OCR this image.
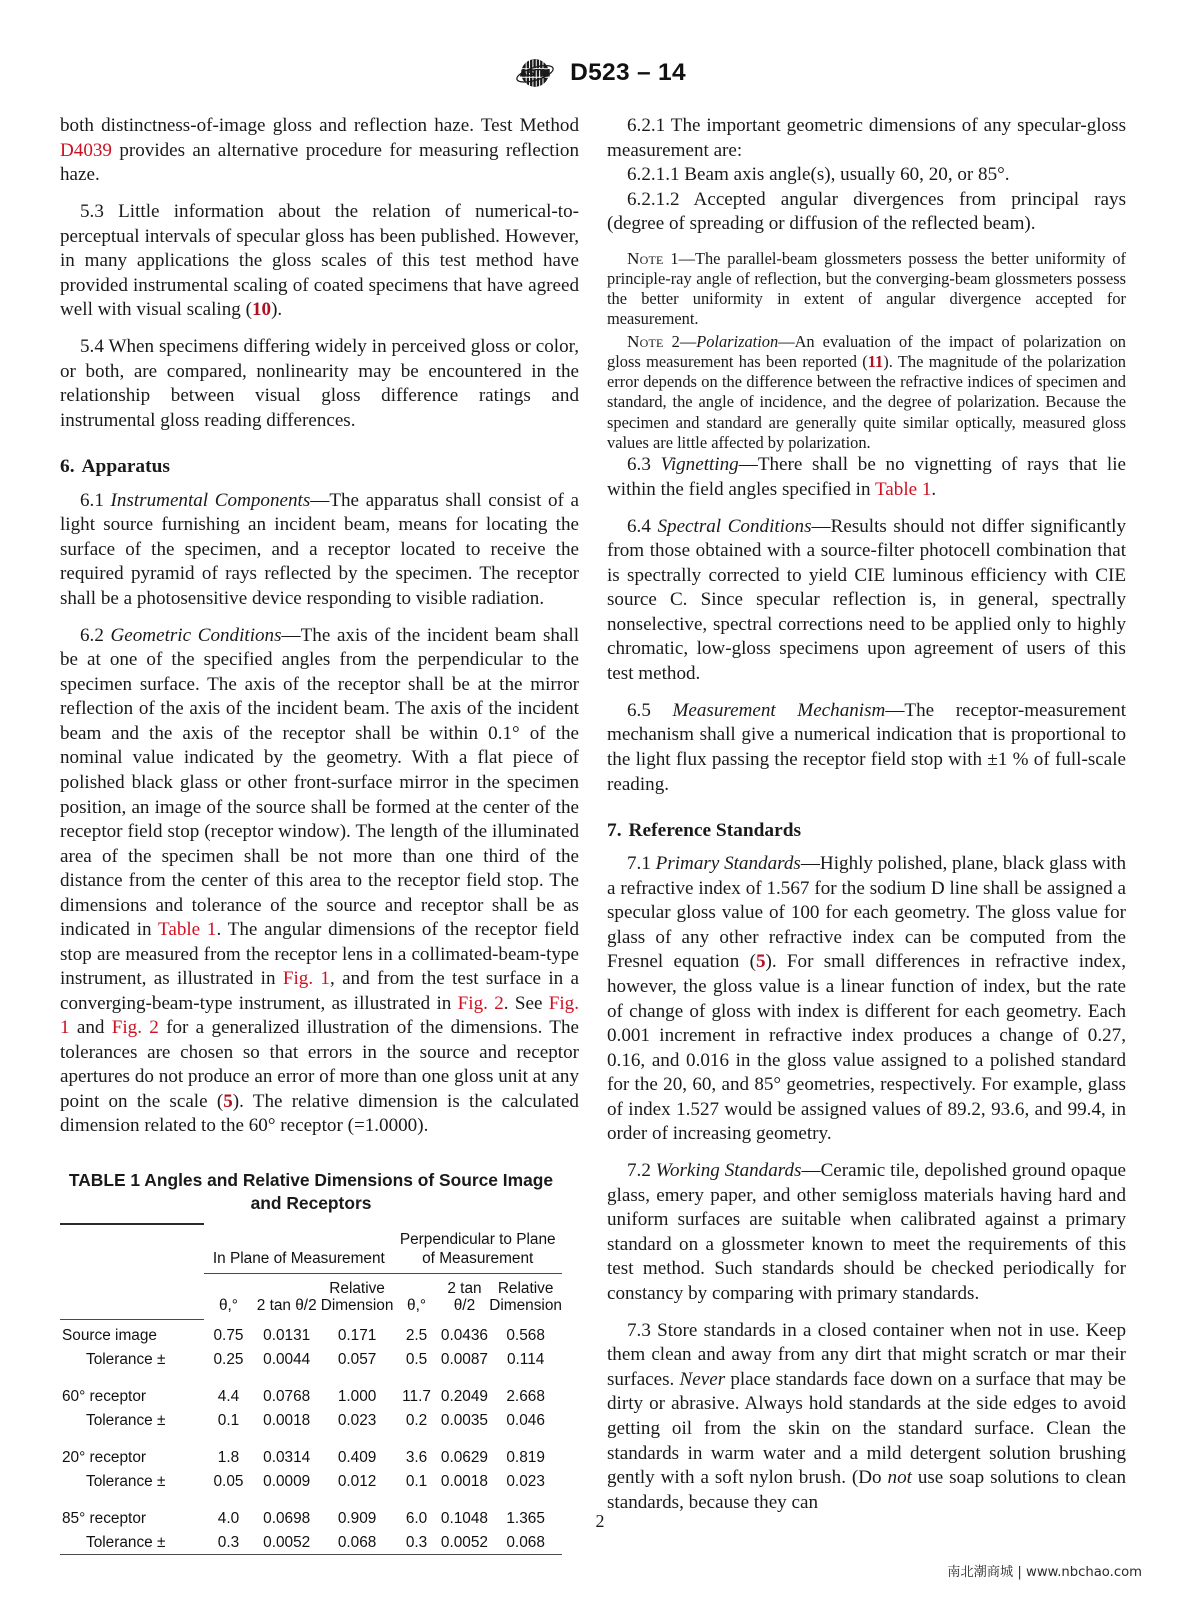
ASTM D523 – 14

both distinctness-of-image gloss and reflection haze. Test Method D4039 provides an alternative procedure for measuring reflection haze.

5.3 Little information about the relation of numerical-to-perceptual intervals of specular gloss has been published. However, in many applications the gloss scales of this test method have provided instrumental scaling of coated specimens that have agreed well with visual scaling (10).

5.4 When specimens differing widely in perceived gloss or color, or both, are compared, nonlinearity may be encountered in the relationship between visual gloss difference ratings and instrumental gloss reading differences.

6. Apparatus

6.1 Instrumental Components—The apparatus shall consist of a light source furnishing an incident beam, means for locating the surface of the specimen, and a receptor located to receive the required pyramid of rays reflected by the specimen. The receptor shall be a photosensitive device responding to visible radiation.

6.2 Geometric Conditions—The axis of the incident beam shall be at one of the specified angles from the perpendicular to the specimen surface. The axis of the receptor shall be at the mirror reflection of the axis of the incident beam. The axis of the incident beam and the axis of the receptor shall be within 0.1° of the nominal value indicated by the geometry. With a flat piece of polished black glass or other front-surface mirror in the specimen position, an image of the source shall be formed at the center of the receptor field stop (receptor window). The length of the illuminated area of the specimen shall be not more than one third of the distance from the center of this area to the receptor field stop. The dimensions and tolerance of the source and receptor shall be as indicated in Table 1. The angular dimensions of the receptor field stop are measured from the receptor lens in a collimated-beam-type instrument, as illustrated in Fig. 1, and from the test surface in a converging-beam-type instrument, as illustrated in Fig. 2. See Fig. 1 and Fig. 2 for a generalized illustration of the dimensions. The tolerances are chosen so that errors in the source and receptor apertures do not produce an error of more than one gloss unit at any point on the scale (5). The relative dimension is the calculated dimension related to the 60° receptor (=1.0000).

TABLE 1 Angles and Relative Dimensions of Source Image and Receptors
	In Plane of Measurement			Perpendicular to Plane of Measurement		

	θ,°	2 tan θ/2	Relative Dimension	θ,°	2 tan θ/2	Relative Dimension
Source image	0.75	0.0131	0.171	2.5	0.0436	0.568
Tolerance ±	0.25	0.0044	0.057	0.5	0.0087	0.114

60° receptor	4.4	0.0768	1.000	11.7	0.2049	2.668
Tolerance ±	0.1	0.0018	0.023	0.2	0.0035	0.046

20° receptor	1.8	0.0314	0.409	3.6	0.0629	0.819
Tolerance ±	0.05	0.0009	0.012	0.1	0.0018	0.023

85° receptor	4.0	0.0698	0.909	6.0	0.1048	1.365
Tolerance ±	0.3	0.0052	0.068	0.3	0.0052	0.068

6.2.1 The important geometric dimensions of any specular-gloss measurement are:

6.2.1.1 Beam axis angle(s), usually 60, 20, or 85°.

6.2.1.2 Accepted angular divergences from principal rays (degree of spreading or diffusion of the reflected beam).

Note 1—The parallel-beam glossmeters possess the better uniformity of principle-ray angle of reflection, but the converging-beam glossmeters possess the better uniformity in extent of angular divergence accepted for measurement.

Note 2—Polarization—An evaluation of the impact of polarization on gloss measurement has been reported (11). The magnitude of the polarization error depends on the difference between the refractive indices of specimen and standard, the angle of incidence, and the degree of polarization. Because the specimen and standard are generally quite similar optically, measured gloss values are little affected by polarization.

6.3 Vignetting—There shall be no vignetting of rays that lie within the field angles specified in Table 1.

6.4 Spectral Conditions—Results should not differ significantly from those obtained with a source-filter photocell combination that is spectrally corrected to yield CIE luminous efficiency with CIE source C. Since specular reflection is, in general, spectrally nonselective, spectral corrections need to be applied only to highly chromatic, low-gloss specimens upon agreement of users of this test method.

6.5 Measurement Mechanism—The receptor-measurement mechanism shall give a numerical indication that is proportional to the light flux passing the receptor field stop with ±1 % of full-scale reading.

7. Reference Standards

7.1 Primary Standards—Highly polished, plane, black glass with a refractive index of 1.567 for the sodium D line shall be assigned a specular gloss value of 100 for each geometry. The gloss value for glass of any other refractive index can be computed from the Fresnel equation (5). For small differences in refractive index, however, the gloss value is a linear function of index, but the rate of change of gloss with index is different for each geometry. Each 0.001 increment in refractive index produces a change of 0.27, 0.16, and 0.016 in the gloss value assigned to a polished standard for the 20, 60, and 85° geometries, respectively. For example, glass of index 1.527 would be assigned values of 89.2, 93.6, and 99.4, in order of increasing geometry.

7.2 Working Standards—Ceramic tile, depolished ground opaque glass, emery paper, and other semigloss materials having hard and uniform surfaces are suitable when calibrated against a primary standard on a glossmeter known to meet the requirements of this test method. Such standards should be checked periodically for constancy by comparing with primary standards.

7.3 Store standards in a closed container when not in use. Keep them clean and away from any dirt that might scratch or mar their surfaces. Never place standards face down on a surface that may be dirty or abrasive. Always hold standards at the side edges to avoid getting oil from the skin on the standard surface. Clean the standards in warm water and a mild detergent solution brushing gently with a soft nylon brush. (Do not use soap solutions to clean standards, because they can

2
南北潮商城 | www.nbchao.com
